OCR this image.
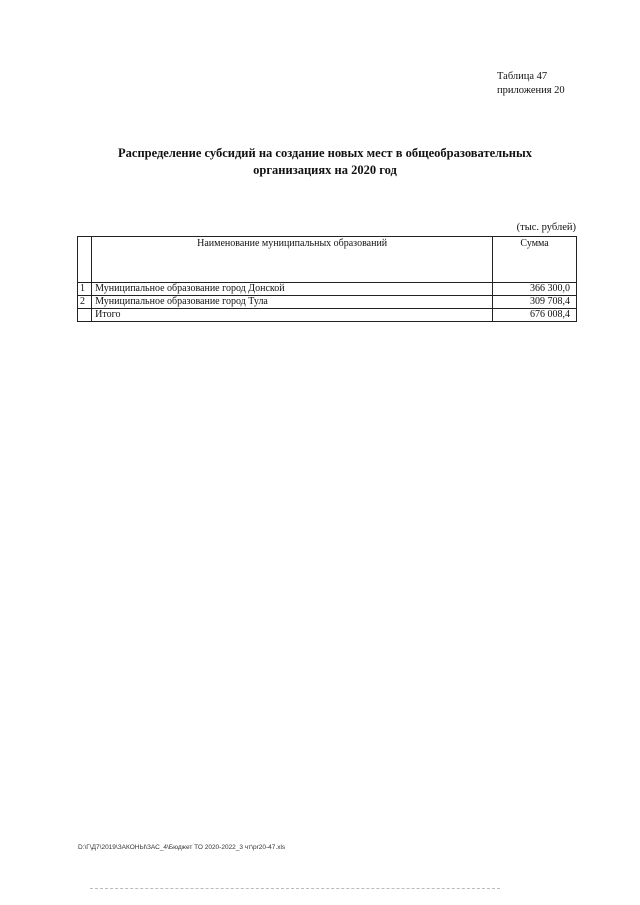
Таблица 47
приложения 20
Распределение субсидий на создание новых мест в общеобразовательных
организациях на 2020 год
(тыс. рублей)
	Наименование муниципальных образований	Сумма
1	Муниципальное образование город Донской	366 300,0
2	Муниципальное образование город Тула	309 708,4
	Итого	676 008,4
D:\Г\Д7\2019\ЗАКОНЫ\ЗАС_4\Бюджет ТО 2020-2022_3 чт\pr20-47.xls
